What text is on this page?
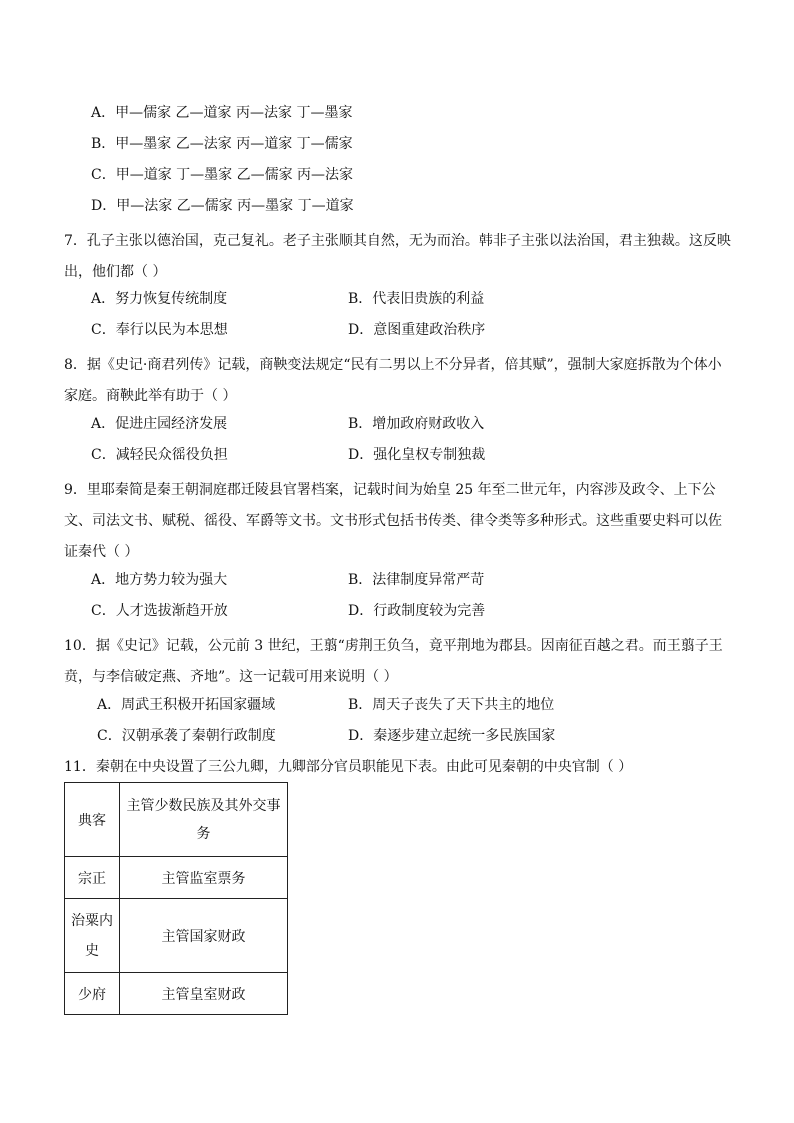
A．甲—儒家 乙—道家 丙—法家 丁—墨家
B．甲—墨家 乙—法家 丙—道家 丁—儒家
C．甲—道家 丁—墨家 乙—儒家 丙—法家
D．甲—法家 乙—儒家 丙—墨家 丁—道家
7．孔子主张以德治国，克己复礼。老子主张顺其自然，无为而治。韩非子主张以法治国，君主独裁。这反映出，他们都（ ）
A．努力恢复传统制度	B．代表旧贵族的利益
C．奉行以民为本思想	D．意图重建政治秩序
8．据《史记·商君列传》记载，商鞅变法规定“民有二男以上不分异者，倍其赋”，强制大家庭拆散为个体小家庭。商鞅此举有助于（ ）
A．促进庄园经济发展	B．增加政府财政收入
C．减轻民众徭役负担	D．强化皇权专制独裁
9．里耶秦简是秦王朝洞庭郡迁陵县官署档案，记载时间为始皇 25 年至二世元年，内容涉及政令、上下公文、司法文书、赋税、徭役、军爵等文书。文书形式包括书传类、律令类等多种形式。这些重要史料可以佐证秦代（ ）
A．地方势力较为强大	B．法律制度异常严苛
C．人才选拔渐趋开放	D．行政制度较为完善
10．据《史记》记载，公元前 3 世纪，王翦“虏荆王负刍，竟平荆地为郡县。因南征百越之君。而王翦子王贲，与李信破定燕、齐地”。这一记载可用来说明（ ）
A．周武王积极开拓国家疆域	B．周天子丧失了天下共主的地位
C．汉朝承袭了秦朝行政制度	D．秦逐步建立起统一多民族国家
11．秦朝在中央设置了三公九卿，九卿部分官员职能见下表。由此可见秦朝的中央官制（ ）
典客	主管少数民族及其外交事务
宗正	主管监室票务
治粟内史	主管国家财政
少府	主管皇室财政
